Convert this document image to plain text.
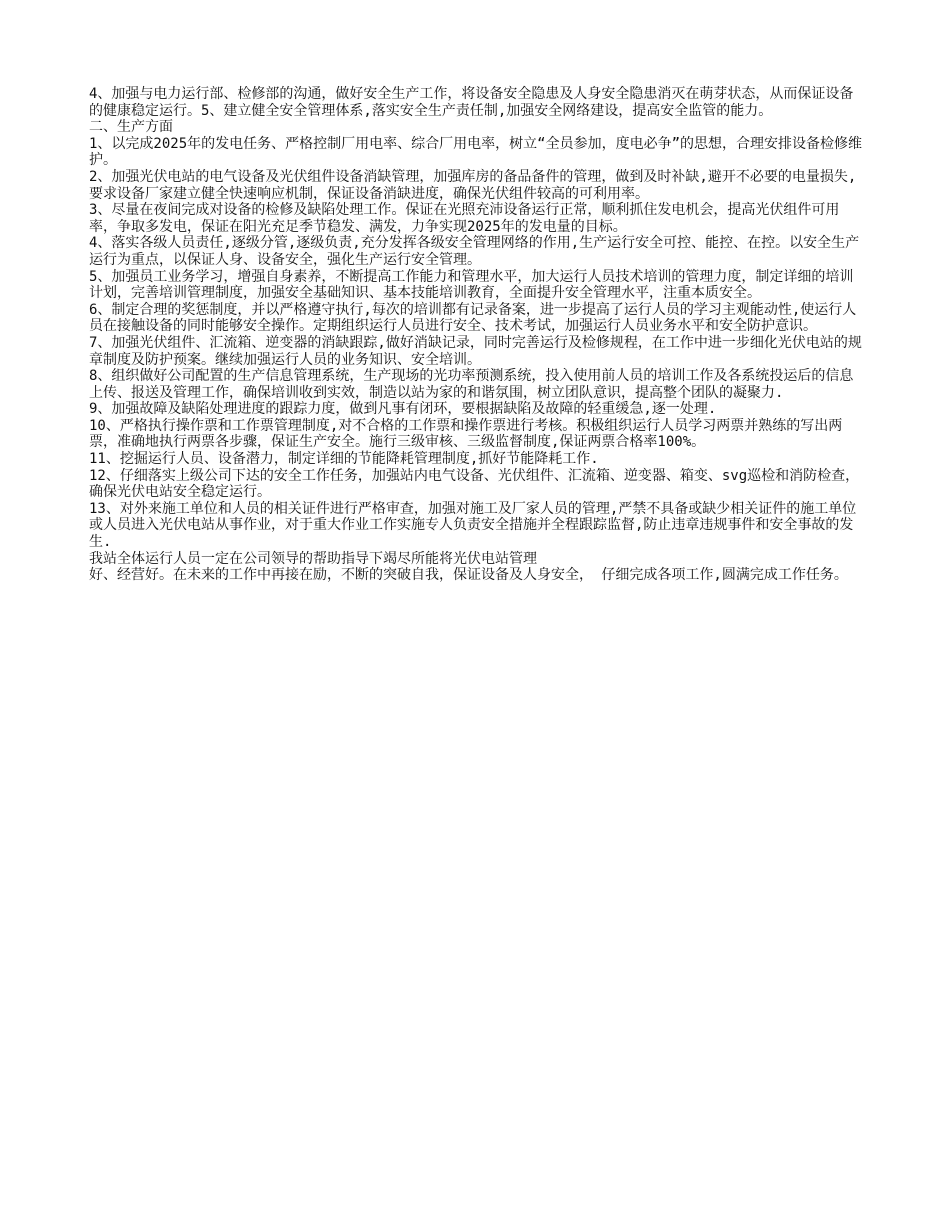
4、加强与电力运行部、检修部的沟通，做好安全生产工作，将设备安全隐患及人身安全隐患消灭在萌芽状态，从而保证设备的健康稳定运行。5、建立健全安全管理体系,落实安全生产责任制,加强安全网络建设，提高安全监管的能力。

二、生产方面

1、以完成2025年的发电任务、严格控制厂用电率、综合厂用电率，树立“全员参加，度电必争”的思想，合理安排设备检修维护。

2、加强光伏电站的电气设备及光伏组件设备消缺管理，加强库房的备品备件的管理，做到及时补缺,避开不必要的电量损失,要求设备厂家建立健全快速响应机制，保证设备消缺进度，确保光伏组件较高的可利用率。

3、尽量在夜间完成对设备的检修及缺陷处理工作。保证在光照充沛设备运行正常，顺利抓住发电机会，提高光伏组件可用率，争取多发电，保证在阳光充足季节稳发、满发，力争实现2025年的发电量的目标。

4、落实各级人员责任,逐级分管,逐级负责,充分发挥各级安全管理网络的作用,生产运行安全可控、能控、在控。以安全生产运行为重点，以保证人身、设备安全，强化生产运行安全管理。

5、加强员工业务学习，增强自身素养，不断提高工作能力和管理水平，加大运行人员技术培训的管理力度，制定详细的培训计划，完善培训管理制度，加强安全基础知识、基本技能培训教育，全面提升安全管理水平，注重本质安全。

6、制定合理的奖惩制度，并以严格遵守执行,每次的培训都有记录备案，进一步提高了运行人员的学习主观能动性,使运行人员在接触设备的同时能够安全操作。定期组织运行人员进行安全、技术考试，加强运行人员业务水平和安全防护意识。

7、加强光伏组件、汇流箱、逆变器的消缺跟踪,做好消缺记录，同时完善运行及检修规程，在工作中进一步细化光伏电站的规章制度及防护预案。继续加强运行人员的业务知识、安全培训。

8、组织做好公司配置的生产信息管理系统，生产现场的光功率预测系统，投入使用前人员的培训工作及各系统投运后的信息上传、报送及管理工作，确保培训收到实效，制造以站为家的和谐氛围，树立团队意识，提高整个团队的凝聚力.

9、加强故障及缺陷处理进度的跟踪力度，做到凡事有闭环，要根据缺陷及故障的轻重缓急,逐一处理.

10、严格执行操作票和工作票管理制度,对不合格的工作票和操作票进行考核。积极组织运行人员学习两票并熟练的写出两票，准确地执行两票各步骤，保证生产安全。施行三级审核、三级监督制度,保证两票合格率100%。

11、挖掘运行人员、设备潜力，制定详细的节能降耗管理制度,抓好节能降耗工作.

12、仔细落实上级公司下达的安全工作任务，加强站内电气设备、光伏组件、汇流箱、逆变器、箱变、svg巡检和消防检查，确保光伏电站安全稳定运行。

13、对外来施工单位和人员的相关证件进行严格审查，加强对施工及厂家人员的管理,严禁不具备或缺少相关证件的施工单位或人员进入光伏电站从事作业，对于重大作业工作实施专人负责安全措施并全程跟踪监督,防止违章违规事件和安全事故的发生.

我站全体运行人员一定在公司领导的帮助指导下竭尽所能将光伏电站管理

好、经营好。在未来的工作中再接在励，不断的突破自我，保证设备及人身安全， 仔细完成各项工作,圆满完成工作任务。
